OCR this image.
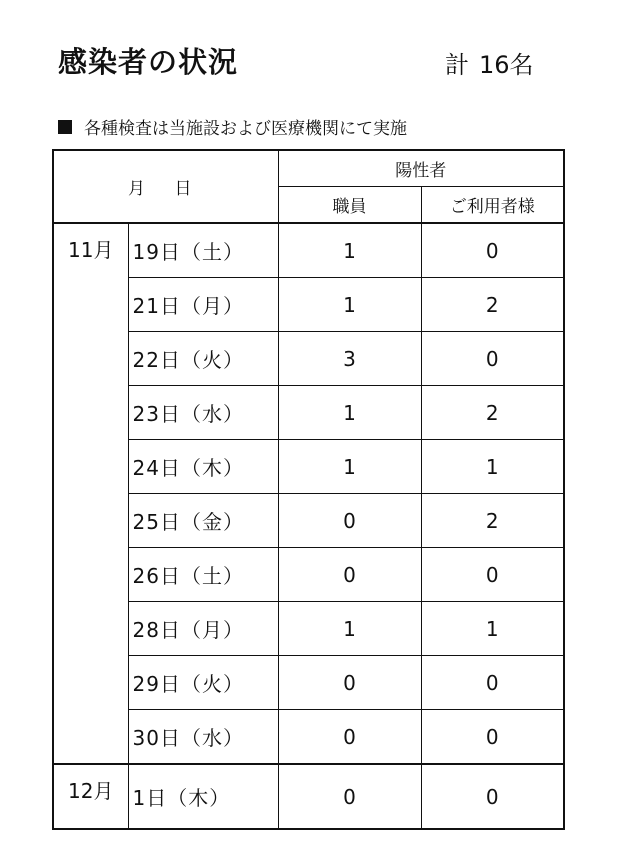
感染者の状況	計 16名
各種検査は当施設および医療機関にて実施
月 日		陽性者	
		職員	ご利用者様
11月	19日（土）	1	0
	21日（月）	1	2
	22日（火）	3	0
	23日（水）	1	2
	24日（木）	1	1
	25日（金）	0	2
	26日（土）	0	0
	28日（月）	1	1
	29日（火）	0	0
	30日（水）	0	0
12月	1日（木）	0	0
